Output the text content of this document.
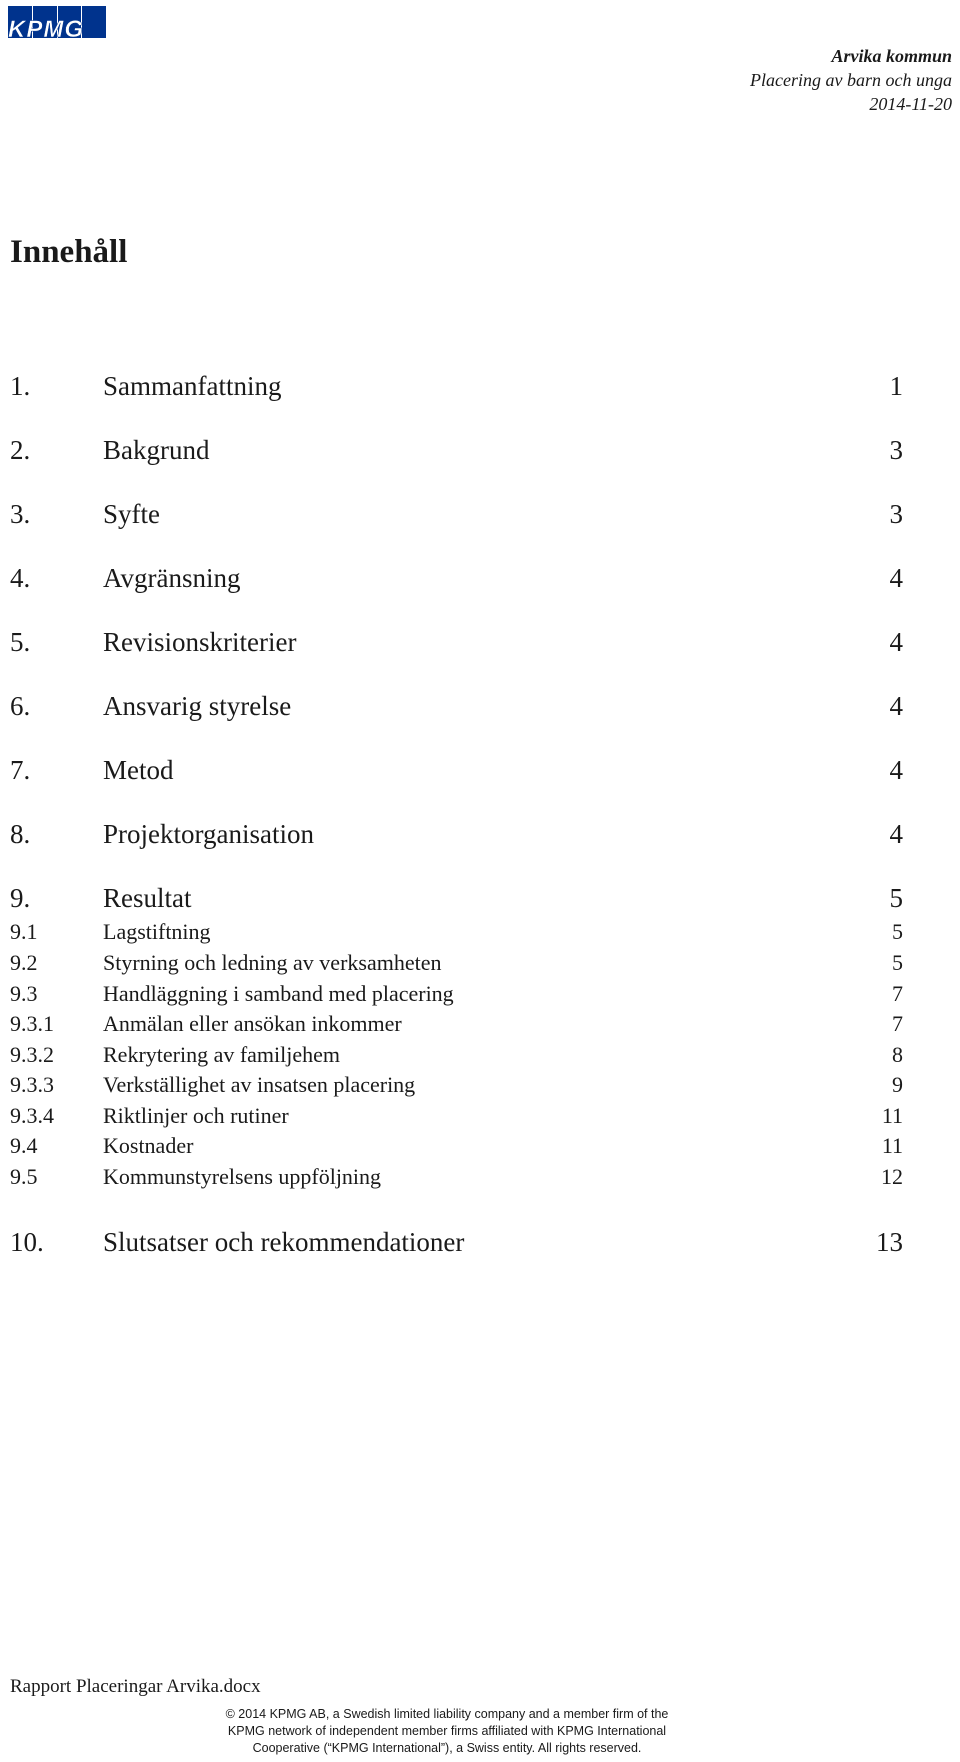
KPMG
Arvika kommun
Placering av barn och unga
2014-11-20
Innehåll
1.	Sammanfattning	1
2.	Bakgrund	3
3.	Syfte	3
4.	Avgränsning	4
5.	Revisionskriterier	4
6.	Ansvarig styrelse	4
7.	Metod	4
8.	Projektorganisation	4
9.	Resultat	5
9.1	Lagstiftning	5
9.2	Styrning och ledning av verksamheten	5
9.3	Handläggning i samband med placering	7
9.3.1 Anmälan eller ansökan inkommer	7
9.3.2 Rekrytering av familjehem	8
9.3.3 Verkställighet av insatsen placering	9
9.3.4 Riktlinjer och rutiner	11
9.4	Kostnader	11
9.5	Kommunstyrelsens uppföljning	12
10. Slutsatser och rekommendationer	13
Rapport Placeringar Arvika.docx
© 2014 KPMG AB, a Swedish limited liability company and a member firm of the
KPMG network of independent member firms affiliated with KPMG International
Cooperative (“KPMG International”), a Swiss entity. All rights reserved.
